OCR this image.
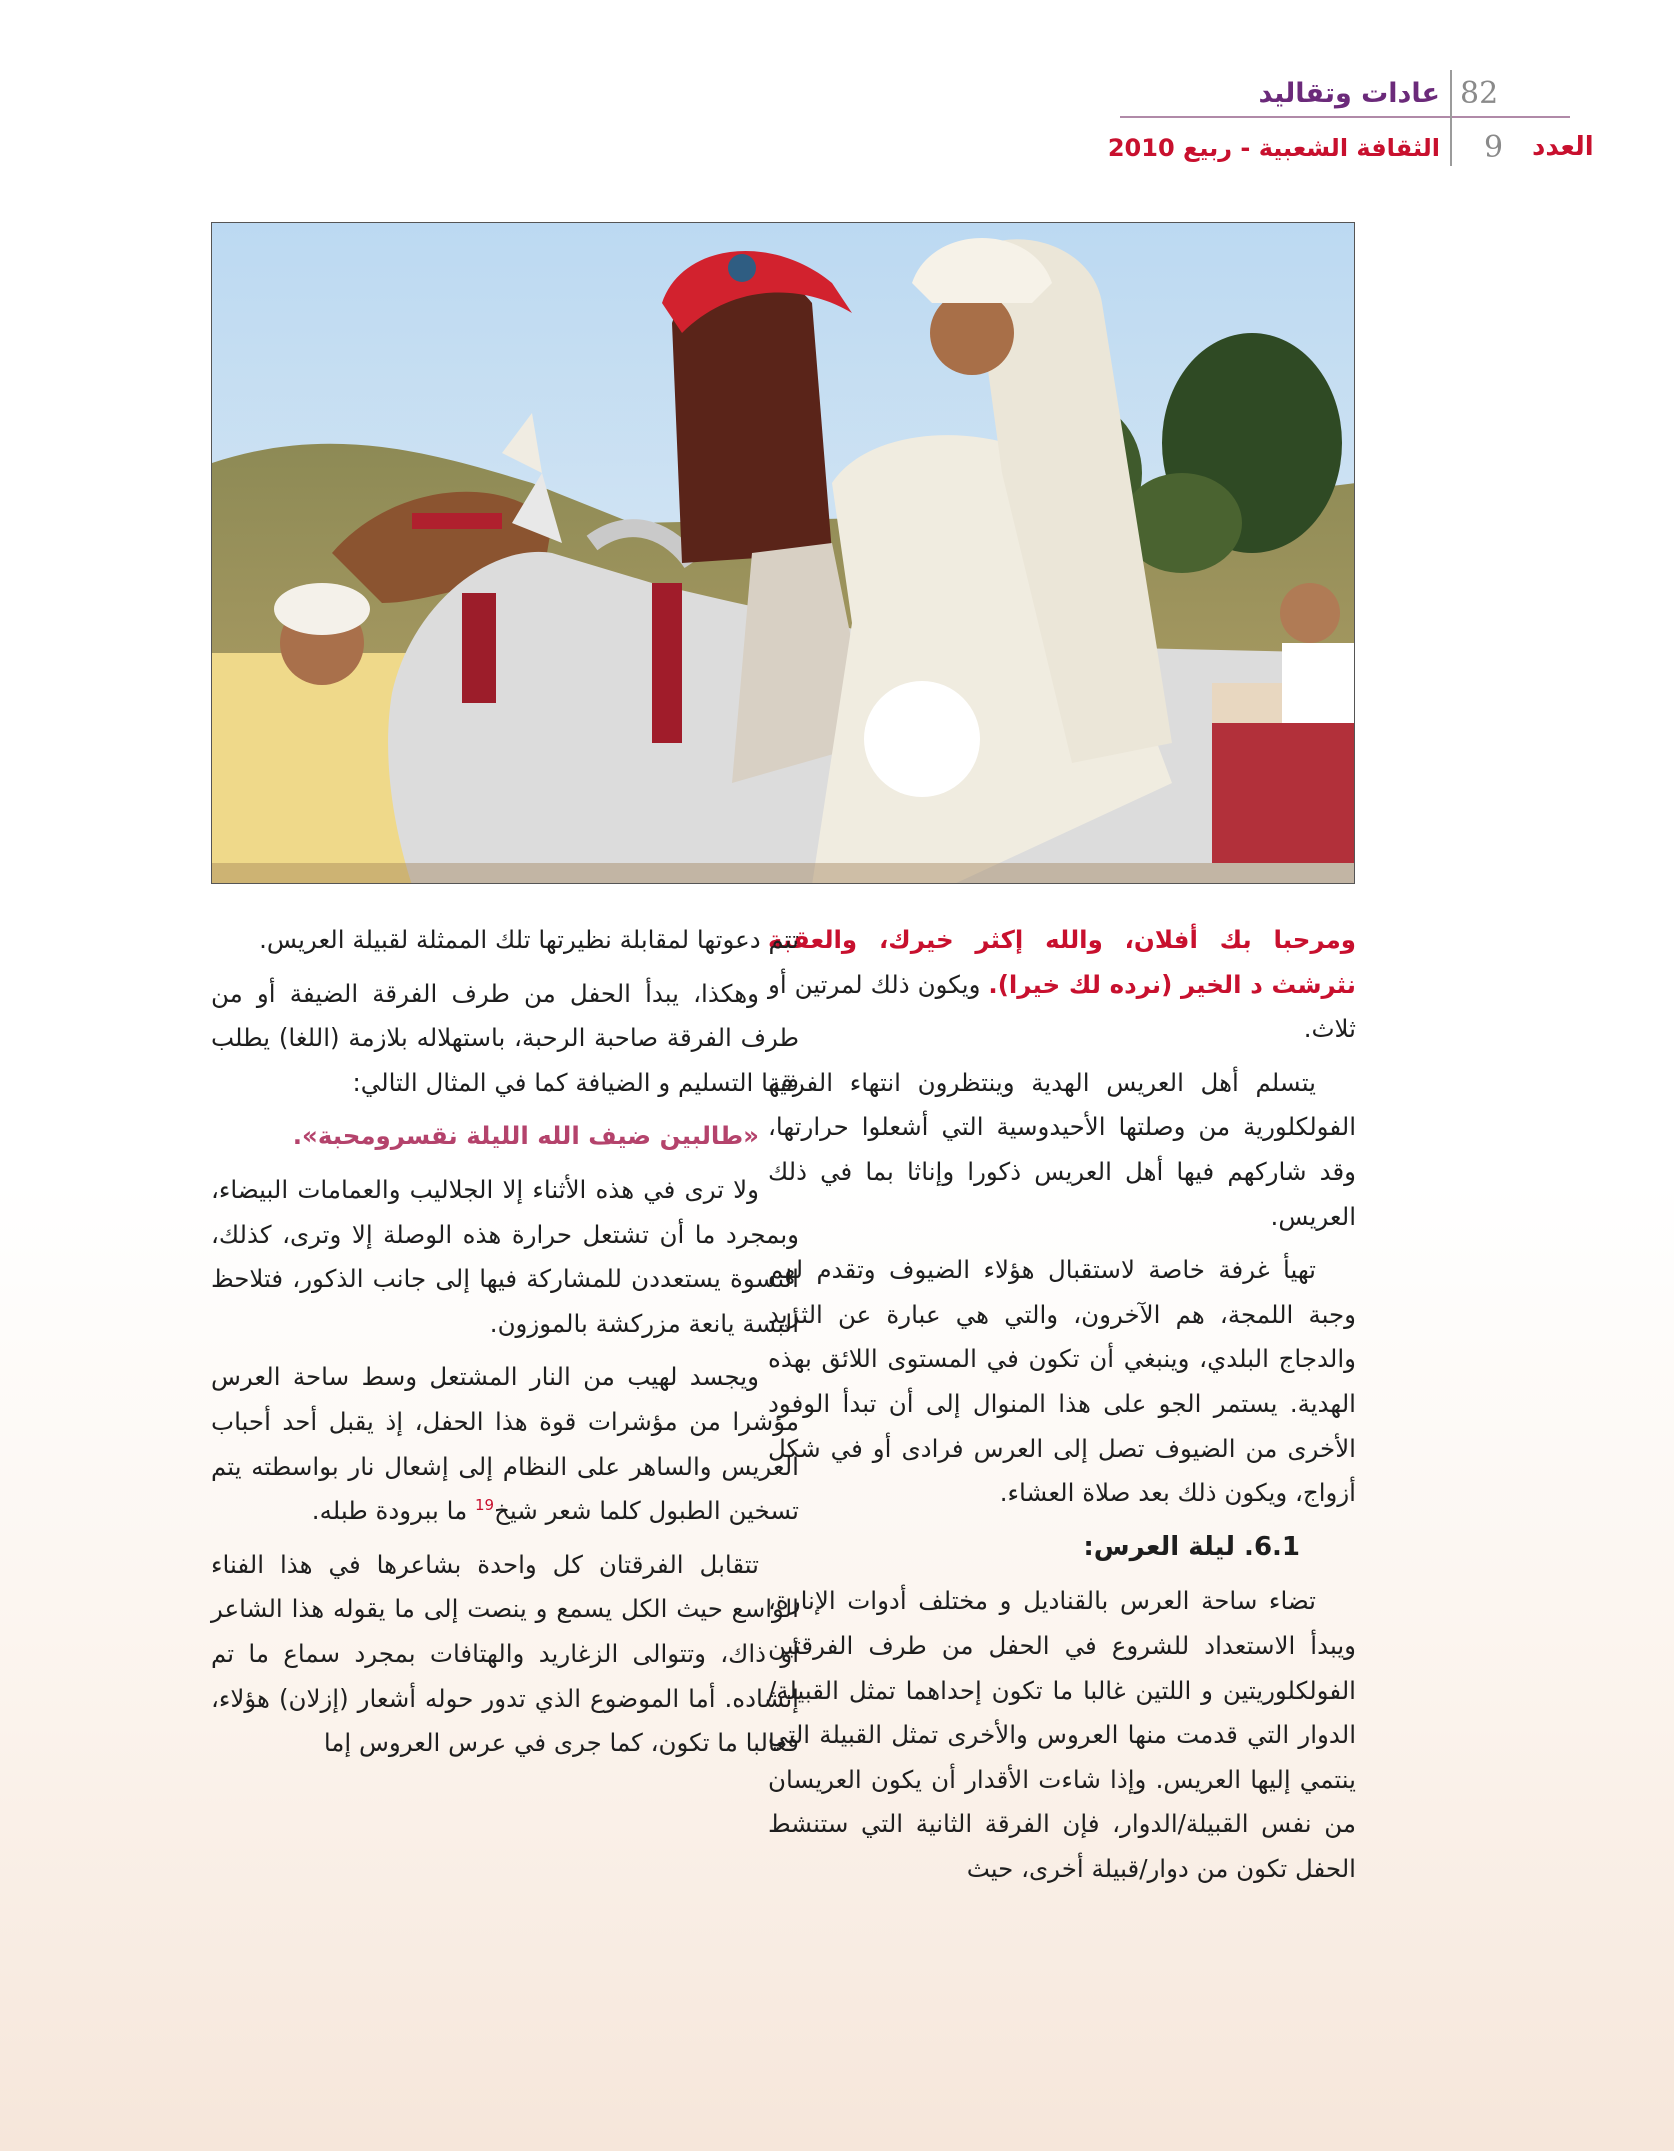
82
عادات وتقاليد
9 العدد
الثقافة الشعبية - ربيع 2010

ومرحبا بك أفلان، والله إكثر خيرك، والعقبة نثرشث د الخير (نرده لك خيرا). ويكون ذلك لمرتين أو ثلاث.

يتسلم أهل العريس الهدية وينتظرون انتهاء الفرقة الفولكلورية من وصلتها الأحيدوسية التي أشعلوا حرارتها، وقد شاركهم فيها أهل العريس ذكورا وإناثا بما في ذلك العريس.

تهيأ غرفة خاصة لاستقبال هؤلاء الضيوف وتقدم لهم وجبة اللمجة، هم الآخرون، والتي هي عبارة عن الثريد والدجاج البلدي، وينبغي أن تكون في المستوى اللائق بهذه الهدية. يستمر الجو على هذا المنوال إلى أن تبدأ الوفود الأخرى من الضيوف تصل إلى العرس فرادى أو في شكل أزواج، ويكون ذلك بعد صلاة العشاء.

6.1. ليلة العرس:

تضاء ساحة العرس بالقناديل و مختلف أدوات الإنارة، ويبدأ الاستعداد للشروع في الحفل من طرف الفرقتين الفولكلوريتين و اللتين غالبا ما تكون إحداهما تمثل القبيلة/الدوار التي قدمت منها العروس والأخرى تمثل القبيلة التي ينتمي إليها العريس. وإذا شاءت الأقدار أن يكون العريسان من نفس القبيلة/الدوار، فإن الفرقة الثانية التي ستنشط الحفل تكون من دوار/قبيلة أخرى، حيث

تتم دعوتها لمقابلة نظيرتها تلك الممثلة لقبيلة العريس.

وهكذا، يبدأ الحفل من طرف الفرقة الضيفة أو من طرف الفرقة صاحبة الرحبة، باستهلاله بلازمة (اللغا) يطلب فيها التسليم و الضيافة كما في المثال التالي:

«طالبين ضيف الله الليلة نقسرومحبة».

ولا ترى في هذه الأثناء إلا الجلاليب والعمامات البيضاء، وبمجرد ما أن تشتعل حرارة هذه الوصلة إلا وترى، كذلك، النسوة يستعددن للمشاركة فيها إلى جانب الذكور، فتلاحظ ألبسة يانعة مزركشة بالموزون.

ويجسد لهيب من النار المشتعل وسط ساحة العرس مؤشرا من مؤشرات قوة هذا الحفل، إذ يقبل أحد أحباب العريس والساهر على النظام إلى إشعال نار بواسطته يتم تسخين الطبول كلما شعر شيخ$^{19}$ ما ببرودة طبله.

تتقابل الفرقتان كل واحدة بشاعرها في هذا الفناء الواسع حيث الكل يسمع و ينصت إلى ما يقوله هذا الشاعر أو ذاك، وتتوالى الزغاريد والهتافات بمجرد سماع ما تم إنشاده. أما الموضوع الذي تدور حوله أشعار (إزلان) هؤلاء، فغالبا ما تكون، كما جرى في عرس العروس إما
